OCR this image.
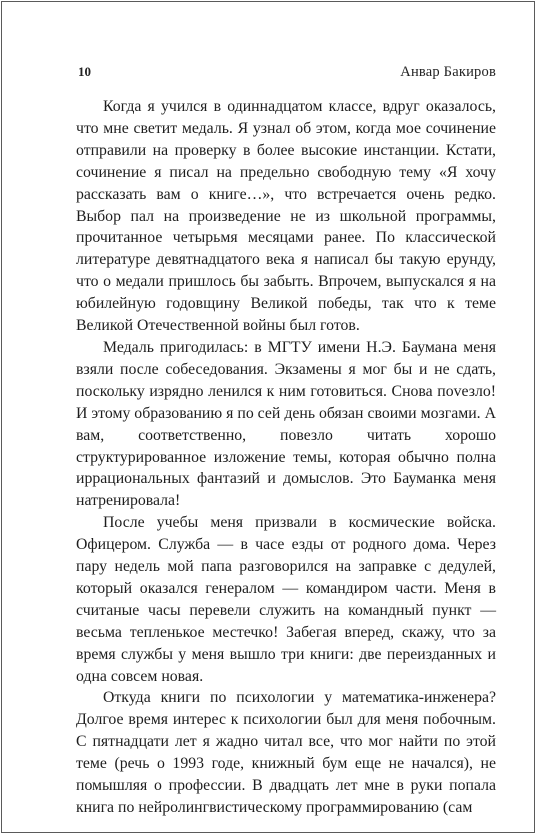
10	Анвар Бакиров

Когда я учился в одиннадцатом классе, вдруг оказалось, что мне светит медаль. Я узнал об этом, когда мое сочинение отправили на проверку в более высокие инстанции. Кстати, сочинение я писал на предельно свободную тему «Я хочу рассказать вам о книге…», что встречается очень редко. Выбор пал на произведение не из школьной программы, прочитанное четырьмя месяцами ранее. По классической литературе девятнадцатого века я написал бы такую ерунду, что о медали пришлось бы забыть. Впрочем, выпускался я на юбилейную годовщину Великой победы, так что к теме Великой Отечественной войны был готов.

Медаль пригодилась: в МГТУ имени Н.Э. Баумана меня взяли после собеседования. Экзамены я мог бы и не сдать, поскольку изрядно ленился к ним готовиться. Снова поvезло! И этому образованию я по сей день обязан своими мозгами. А вам, соответственно, повезло читать хорошо структурированное изложение темы, которая обычно полна иррациональных фантазий и домыслов. Это Бауманка меня натренировала!

После учебы меня призвали в космические войска. Офицером. Служба — в часе езды от родного дома. Через пару недель мой папа разговорился на заправке с дедулей, который оказался генералом — командиром части. Меня в считаные часы перевели служить на командный пункт — весьма тепленькое местечко! Забегая вперед, скажу, что за время службы у меня вышло три книги: две переизданных и одна совсем новая.

Откуда книги по психологии у математика-инженера? Долгое время интерес к психологии был для меня побочным. С пятнадцати лет я жадно читал все, что мог найти по этой теме (речь о 1993 годе, книжный бум еще не начался), не помышляя о профессии. В двадцать лет мне в руки попала книга по нейролингвистическому программированию (сам
